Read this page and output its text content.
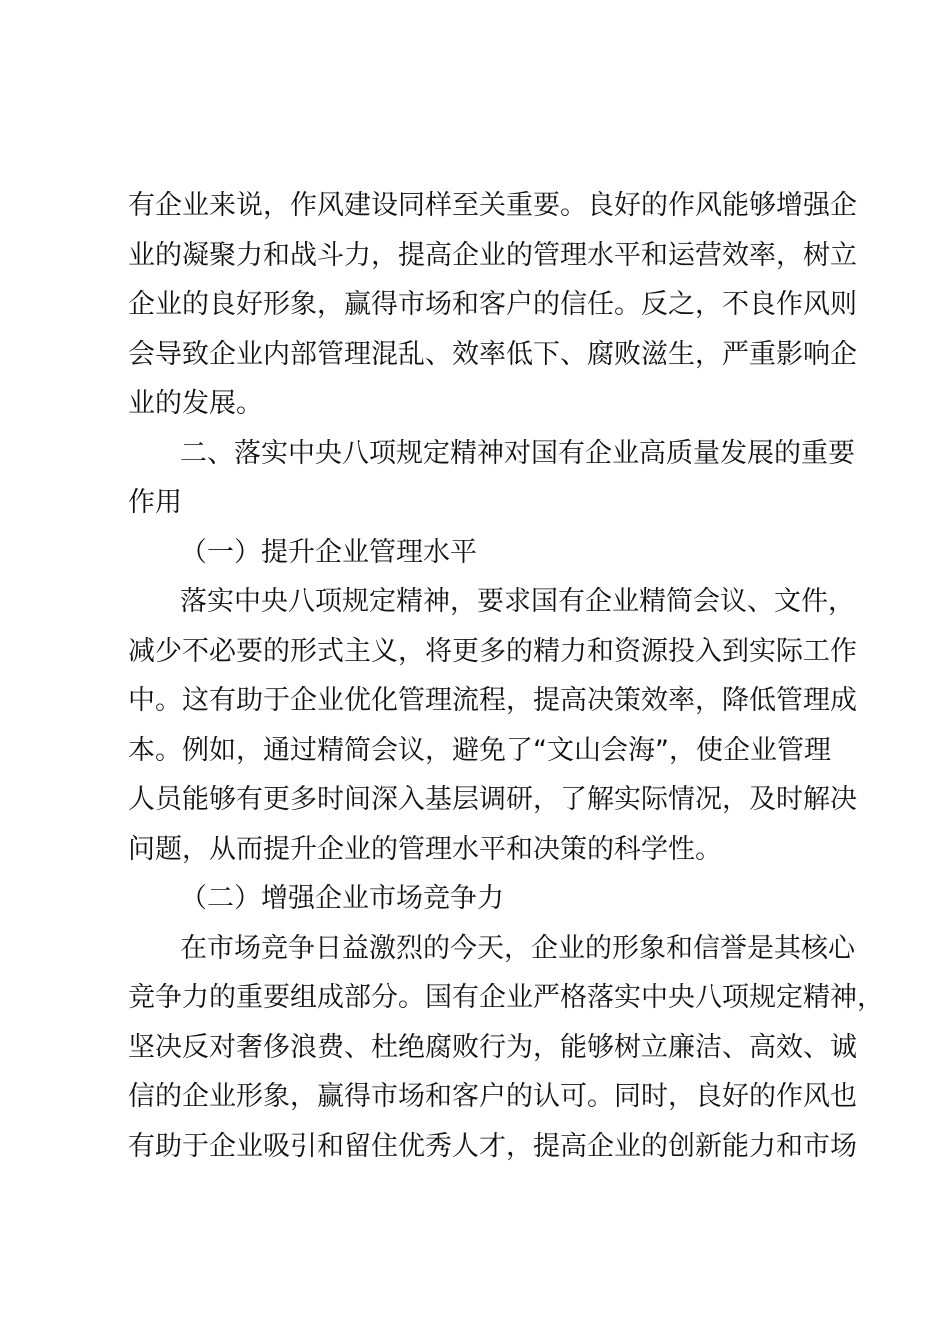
有企业来说，作风建设同样至关重要。良好的作风能够增强企
业的凝聚力和战斗力，提高企业的管理水平和运营效率，树立
企业的良好形象，赢得市场和客户的信任。反之，不良作风则
会导致企业内部管理混乱、效率低下、腐败滋生，严重影响企
业的发展。
二、落实中央八项规定精神对国有企业高质量发展的重要
作用
（一）提升企业管理水平
落实中央八项规定精神，要求国有企业精简会议、文件，
减少不必要的形式主义，将更多的精力和资源投入到实际工作
中。这有助于企业优化管理流程，提高决策效率，降低管理成
本。例如，通过精简会议，避免了“文山会海”，使企业管理
人员能够有更多时间深入基层调研，了解实际情况，及时解决
问题，从而提升企业的管理水平和决策的科学性。
（二）增强企业市场竞争力
在市场竞争日益激烈的今天，企业的形象和信誉是其核心
竞争力的重要组成部分。国有企业严格落实中央八项规定精神，
坚决反对奢侈浪费、杜绝腐败行为，能够树立廉洁、高效、诚
信的企业形象，赢得市场和客户的认可。同时，良好的作风也
有助于企业吸引和留住优秀人才，提高企业的创新能力和市场
